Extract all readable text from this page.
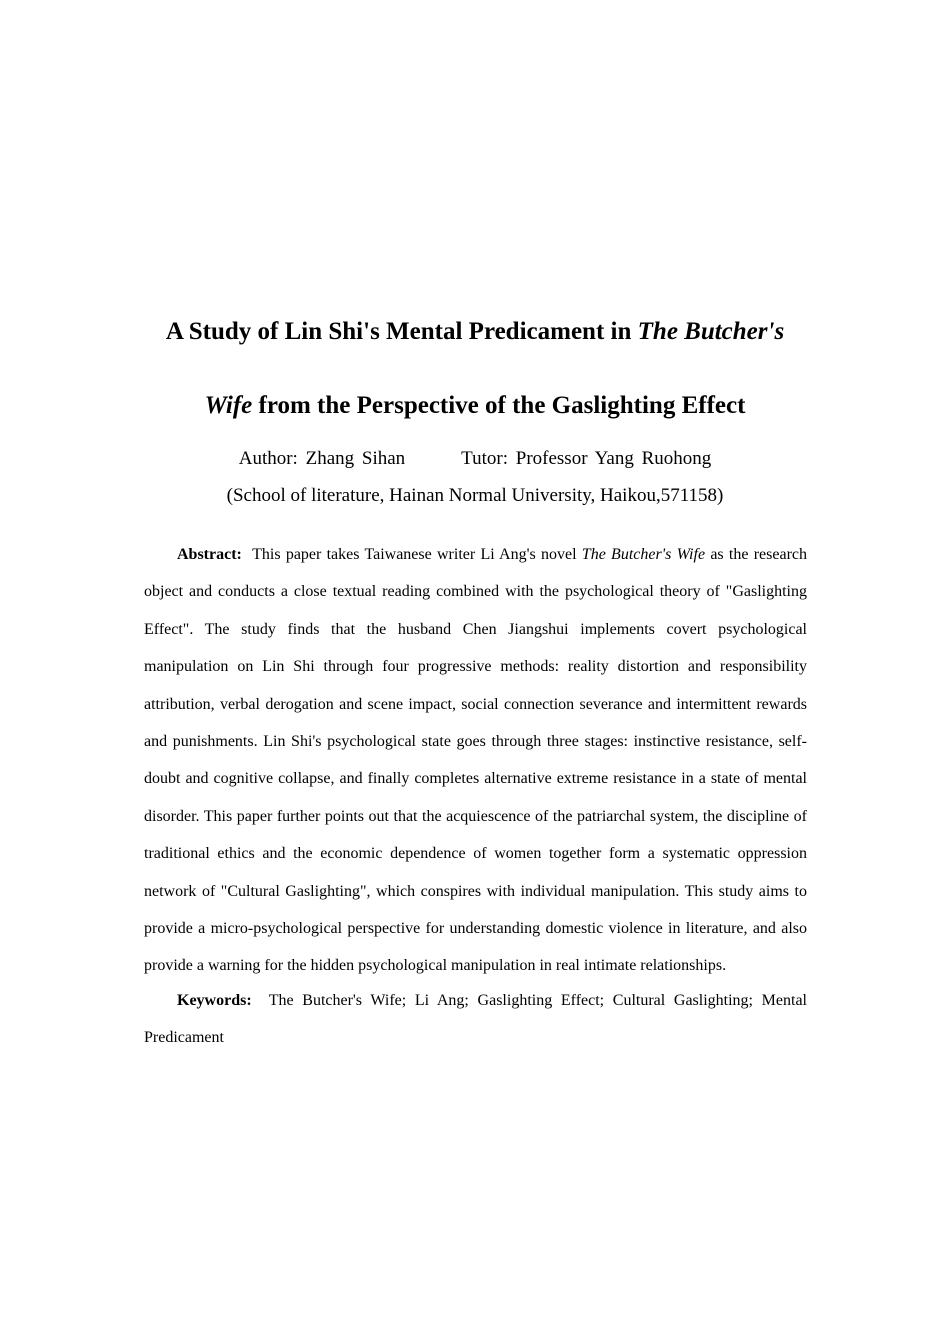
A Study of Lin Shi's Mental Predicament in The Butcher's
Wife from the Perspective of the Gaslighting Effect
Author: Zhang Sihan	Tutor: Professor Yang Ruohong
(School of literature, Hainan Normal University, Haikou,571158)

Abstract: This paper takes Taiwanese writer Li Ang's novel The Butcher's Wife as the research object and conducts a close textual reading combined with the psychological theory of "Gaslighting Effect". The study finds that the husband Chen Jiangshui implements covert psychological manipulation on Lin Shi through four progressive methods: reality distortion and responsibility attribution, verbal derogation and scene impact, social connection severance and intermittent rewards and punishments. Lin Shi's psychological state goes through three stages: instinctive resistance, self-doubt and cognitive collapse, and finally completes alternative extreme resistance in a state of mental disorder. This paper further points out that the acquiescence of the patriarchal system, the discipline of traditional ethics and the economic dependence of women together form a systematic oppression network of "Cultural Gaslighting", which conspires with individual manipulation. This study aims to provide a micro-psychological perspective for understanding domestic violence in literature, and also provide a warning for the hidden psychological manipulation in real intimate relationships.

Keywords: The Butcher's Wife; Li Ang; Gaslighting Effect; Cultural Gaslighting; Mental Predicament
